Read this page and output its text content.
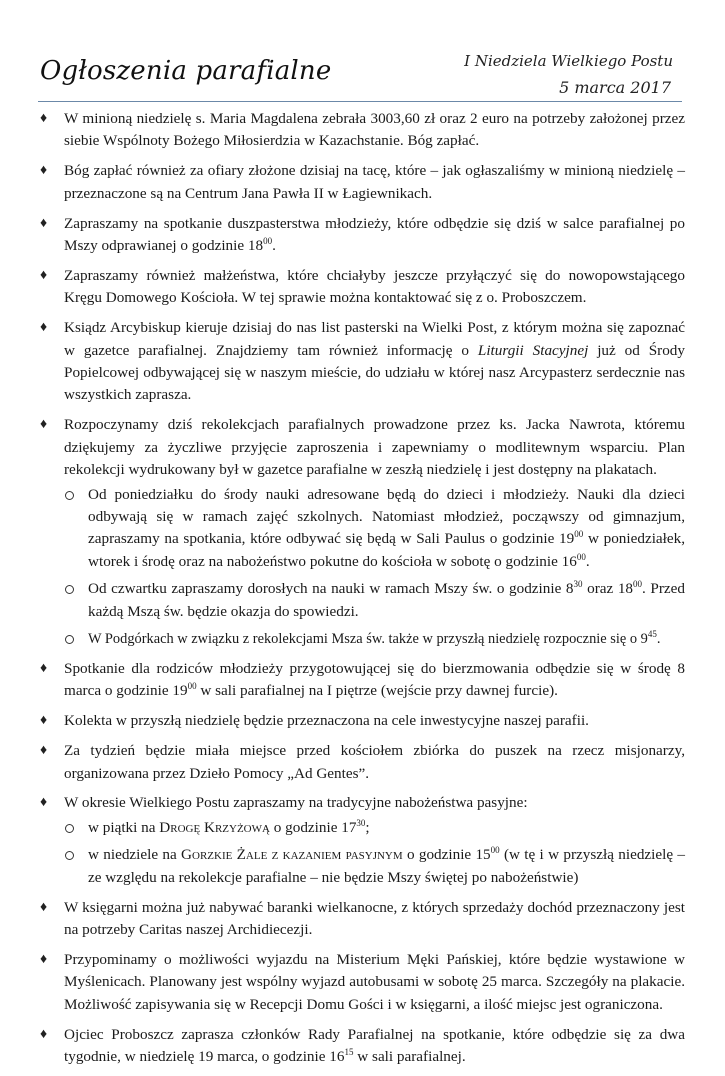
Ogłoszenia parafialne	I Niedziela Wielkiego Postu
5 marca 2017
♦ W minioną niedzielę s. Maria Magdalena zebrała 3003,60 zł oraz 2 euro na potrzeby założonej przez siebie Wspólnoty Bożego Miłosierdzia w Kazachstanie. Bóg zapłać.
♦ Bóg zapłać również za ofiary złożone dzisiaj na tacę, które – jak ogłaszaliśmy w minioną niedzielę – przeznaczone są na Centrum Jana Pawła II w Łagiewnikach.
♦ Zapraszamy na spotkanie duszpasterstwa młodzieży, które odbędzie się dziś w salce parafialnej po Mszy odprawianej o godzinie $18^{00}$.
♦ Zapraszamy również małżeństwa, które chciałyby jeszcze przyłączyć się do nowopowstającego Kręgu Domowego Kościoła. W tej sprawie można kontaktować się z o. Proboszczem.
♦ Ksiądz Arcybiskup kieruje dzisiaj do nas list pasterski na Wielki Post, z którym można się zapoznać w gazetce parafialnej. Znajdziemy tam również informację o Liturgii Stacyjnej już od Środy Popielcowej odbywającej się w naszym mieście, do udziału w której nasz Arcypasterz serdecznie nas wszystkich zaprasza.
♦ Rozpoczynamy dziś rekolekcjach parafialnych prowadzone przez ks. Jacka Nawrota, któremu dziękujemy za życzliwe przyjęcie zaproszenia i zapewniamy o modlitewnym wsparciu. Plan rekolekcji wydrukowany był w gazetce parafialne w zeszłą niedzielę i jest dostępny na plakatach.
Od poniedziałku do środy nauki adresowane będą do dzieci i młodzieży. Nauki dla dzieci odbywają się w ramach zajęć szkolnych. Natomiast młodzież, począwszy od gimnazjum, zapraszamy na spotkania, które odbywać się będą w Sali Paulus o godzinie $19^{00}$ w poniedziałek, wtorek i środę oraz na nabożeństwo pokutne do kościoła w sobotę o godzinie $16^{00}$.
Od czwartku zapraszamy dorosłych na nauki w ramach Mszy św. o godzinie $8^{30}$ oraz $18^{00}$. Przed każdą Mszą św. będzie okazja do spowiedzi.
W Podgórkach w związku z rekolekcjami Msza św. także w przyszłą niedzielę rozpocznie się o $9^{45}$.
♦ Spotkanie dla rodziców młodzieży przygotowującej się do bierzmowania odbędzie się w środę 8 marca o godzinie $19^{00}$ w sali parafialnej na I piętrze (wejście przy dawnej furcie).
♦ Kolekta w przyszłą niedzielę będzie przeznaczona na cele inwestycyjne naszej parafii.
♦ Za tydzień będzie miała miejsce przed kościołem zbiórka do puszek na rzecz misjonarzy, organizowana przez Dzieło Pomocy „Ad Gentes”.
♦ W okresie Wielkiego Postu zapraszamy na tradycyjne nabożeństwa pasyjne:
w piątki na Drogę Krzyżową o godzinie $17^{30}$;
w niedziele na Gorzkie Żale z kazaniem pasyjnym o godzinie $15^{00}$ (w tę i w przyszłą niedzielę – ze względu na rekolekcje parafialne – nie będzie Mszy świętej po nabożeństwie)
♦ W księgarni można już nabywać baranki wielkanocne, z których sprzedaży dochód przeznaczony jest na potrzeby Caritas naszej Archidiecezji.
♦ Przypominamy o możliwości wyjazdu na Misterium Męki Pańskiej, które będzie wystawione w Myślenicach. Planowany jest wspólny wyjazd autobusami w sobotę 25 marca. Szczegóły na plakacie. Możliwość zapisywania się w Recepcji Domu Gości i w księgarni, a ilość miejsc jest ograniczona.
♦ Ojciec Proboszcz zaprasza członków Rady Parafialnej na spotkanie, które odbędzie się za dwa tygodnie, w niedzielę 19 marca, o godzinie $16^{15}$ w sali parafialnej.
